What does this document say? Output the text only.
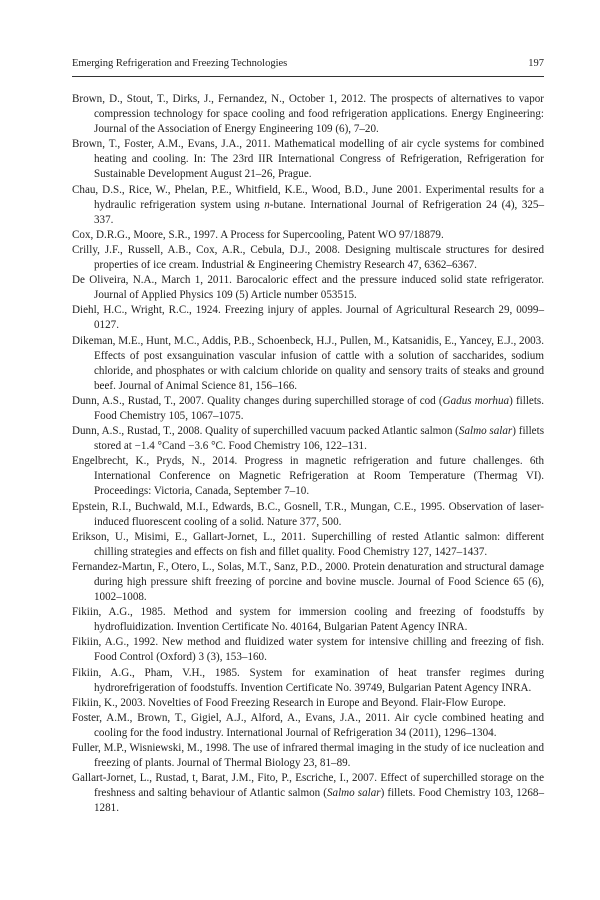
Emerging Refrigeration and Freezing Technologies	197

Brown, D., Stout, T., Dirks, J., Fernandez, N., October 1, 2012. The prospects of alternatives to vapor compression technology for space cooling and food refrigeration applications. Energy Engineering: Journal of the Association of Energy Engineering 109 (6), 7–20.

Brown, T., Foster, A.M., Evans, J.A., 2011. Mathematical modelling of air cycle systems for combined heating and cooling. In: The 23rd IIR International Congress of Refrigeration, Refrigeration for Sustainable Development August 21–26, Prague.

Chau, D.S., Rice, W., Phelan, P.E., Whitfield, K.E., Wood, B.D., June 2001. Experimental results for a hydraulic refrigeration system using n-butane. International Journal of Refrigeration 24 (4), 325–337.

Cox, D.R.G., Moore, S.R., 1997. A Process for Supercooling, Patent WO 97/18879.

Crilly, J.F., Russell, A.B., Cox, A.R., Cebula, D.J., 2008. Designing multiscale structures for desired properties of ice cream. Industrial & Engineering Chemistry Research 47, 6362–6367.

De Oliveira, N.A., March 1, 2011. Barocaloric effect and the pressure induced solid state refrigerator. Journal of Applied Physics 109 (5) Article number 053515.

Diehl, H.C., Wright, R.C., 1924. Freezing injury of apples. Journal of Agricultural Research 29, 0099–0127.

Dikeman, M.E., Hunt, M.C., Addis, P.B., Schoenbeck, H.J., Pullen, M., Katsanidis, E., Yancey, E.J., 2003. Effects of post exsanguination vascular infusion of cattle with a solution of saccharides, sodium chloride, and phosphates or with calcium chloride on quality and sensory traits of steaks and ground beef. Journal of Animal Science 81, 156–166.

Dunn, A.S., Rustad, T., 2007. Quality changes during superchilled storage of cod (Gadus morhua) fillets. Food Chemistry 105, 1067–1075.

Dunn, A.S., Rustad, T., 2008. Quality of superchilled vacuum packed Atlantic salmon (Salmo salar) fillets stored at −1.4 °Cand −3.6 °C. Food Chemistry 106, 122–131.

Engelbrecht, K., Pryds, N., 2014. Progress in magnetic refrigeration and future challenges. 6th International Conference on Magnetic Refrigeration at Room Temperature (Thermag VI). Proceedings: Victoria, Canada, September 7–10.

Epstein, R.I., Buchwald, M.I., Edwards, B.C., Gosnell, T.R., Mungan, C.E., 1995. Observation of laser-induced fluorescent cooling of a solid. Nature 377, 500.

Erikson, U., Misimi, E., Gallart-Jornet, L., 2011. Superchilling of rested Atlantic salmon: different chilling strategies and effects on fish and fillet quality. Food Chemistry 127, 1427–1437.

Fernandez-Martın, F., Otero, L., Solas, M.T., Sanz, P.D., 2000. Protein denaturation and structural damage during high pressure shift freezing of porcine and bovine muscle. Journal of Food Science 65 (6), 1002–1008.

Fikiin, A.G., 1985. Method and system for immersion cooling and freezing of foodstuffs by hydrofluidization. Invention Certificate No. 40164, Bulgarian Patent Agency INRA.

Fikiin, A.G., 1992. New method and fluidized water system for intensive chilling and freezing of fish. Food Control (Oxford) 3 (3), 153–160.

Fikiin, A.G., Pham, V.H., 1985. System for examination of heat transfer regimes during hydrorefrigeration of foodstuffs. Invention Certificate No. 39749, Bulgarian Patent Agency INRA.

Fikiin, K., 2003. Novelties of Food Freezing Research in Europe and Beyond. Flair-Flow Europe.

Foster, A.M., Brown, T., Gigiel, A.J., Alford, A., Evans, J.A., 2011. Air cycle combined heating and cooling for the food industry. International Journal of Refrigeration 34 (2011), 1296–1304.

Fuller, M.P., Wisniewski, M., 1998. The use of infrared thermal imaging in the study of ice nucleation and freezing of plants. Journal of Thermal Biology 23, 81–89.

Gallart-Jornet, L., Rustad, t, Barat, J.M., Fito, P., Escriche, I., 2007. Effect of superchilled storage on the freshness and salting behaviour of Atlantic salmon (Salmo salar) fillets. Food Chemistry 103, 1268–1281.
